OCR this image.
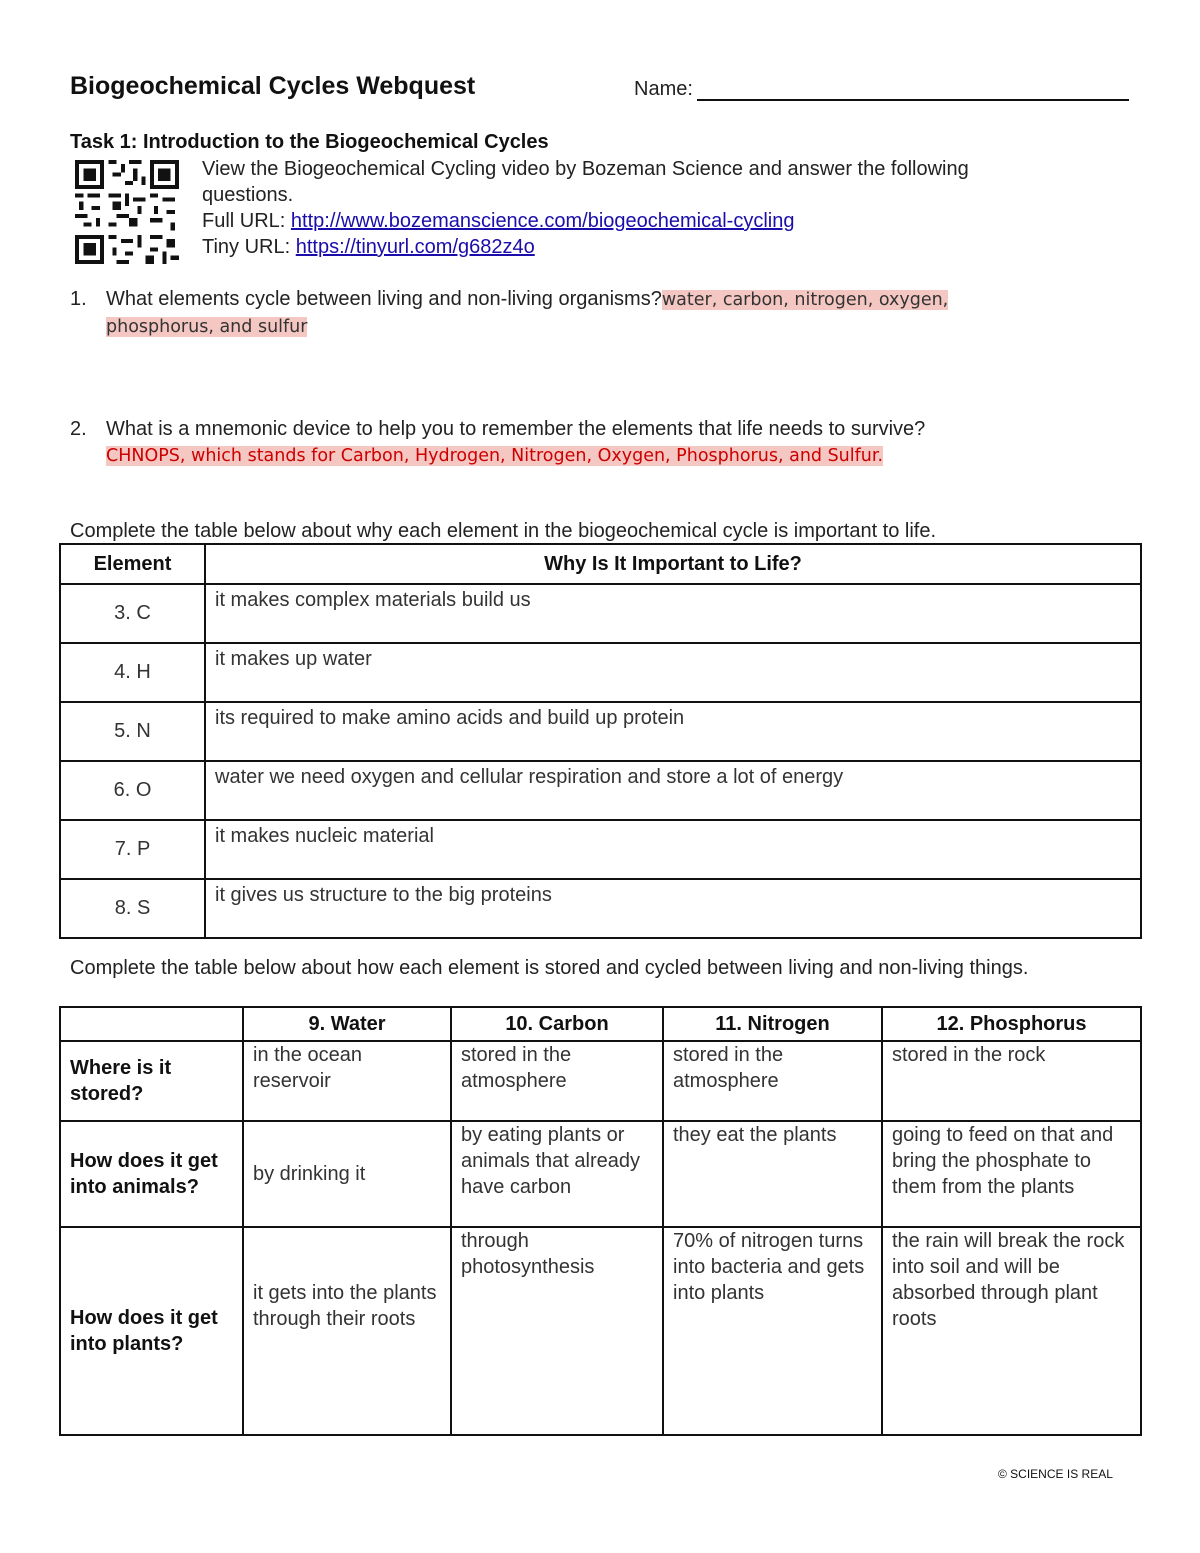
Biogeochemical Cycles Webquest	Name:
Task 1: Introduction to the Biogeochemical Cycles
View the Biogeochemical Cycling video by Bozeman Science and answer the following
questions.
Full URL: http://www.bozemanscience.com/biogeochemical-cycling
Tiny URL: https://tinyurl.com/g682z4o
1. What elements cycle between living and non-living organisms?water, carbon, nitrogen, oxygen,
phosphorus, and sulfur
2. What is a mnemonic device to help you to remember the elements that life needs to survive?
CHNOPS, which stands for Carbon, Hydrogen, Nitrogen, Oxygen, Phosphorus, and Sulfur.
Complete the table below about why each element in the biogeochemical cycle is important to life.
Element	Why Is It Important to Life?
3. C	it makes complex materials build us
4. H	it makes up water
5. N	its required to make amino acids and build up protein
6. O	water we need oxygen and cellular respiration and store a lot of energy
7. P	it makes nucleic material
8. S	it gives us structure to the big proteins
Complete the table below about how each element is stored and cycled between living and non-living things.
	9. Water	10. Carbon	11. Nitrogen	12. Phosphorus
Where is it stored?	in the ocean reservoir	stored in the atmosphere	stored in the atmosphere	stored in the rock
How does it get into animals?	by drinking it	by eating plants or animals that already have carbon	they eat the plants	going to feed on that and bring the phosphate to them from the plants
How does it get into plants?	it gets into the plants through their roots	through photosynthesis	70% of nitrogen turns into bacteria and gets into plants	the rain will break the rock into soil and will be absorbed through plant roots
© SCIENCE IS REAL
